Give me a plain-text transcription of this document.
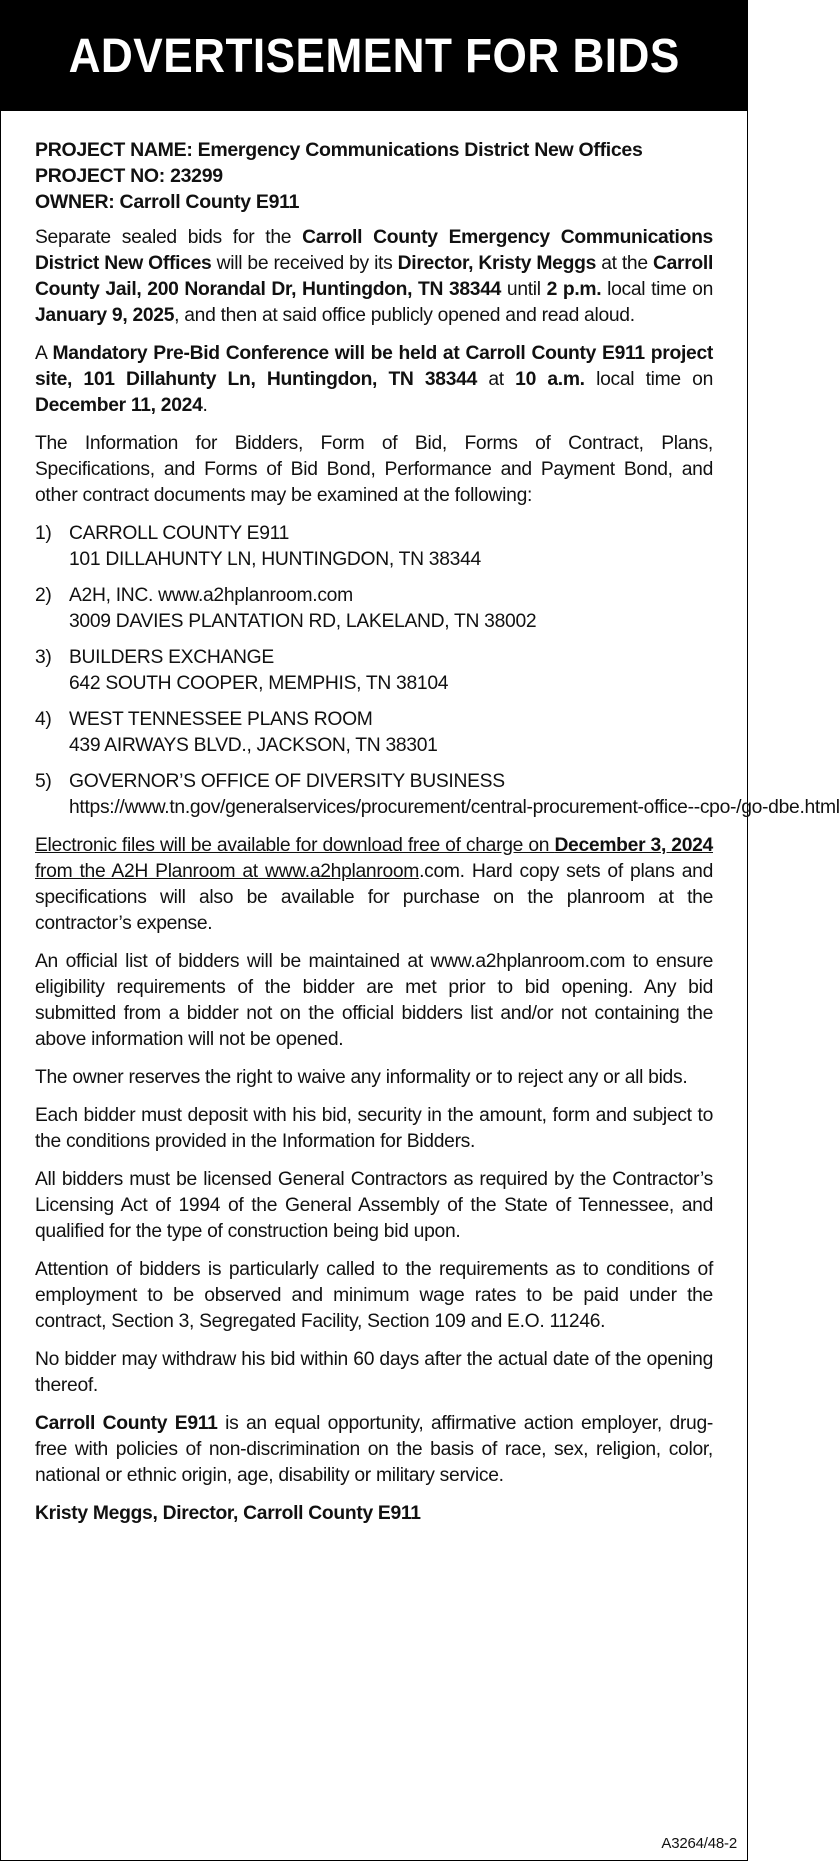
ADVERTISEMENT FOR BIDS
PROJECT NAME: Emergency Communications District New Offices
PROJECT NO: 23299
OWNER: Carroll County E911

Separate sealed bids for the Carroll County Emergency Communications District New Offices will be received by its Director, Kristy Meggs at the Carroll County Jail, 200 Norandal Dr, Huntingdon, TN 38344 until 2 p.m. local time on January 9, 2025, and then at said office publicly opened and read aloud.

A Mandatory Pre-Bid Conference will be held at Carroll County E911 project site, 101 Dillahunty Ln, Huntingdon, TN 38344 at 10 a.m. local time on December 11, 2024.

The Information for Bidders, Form of Bid, Forms of Contract, Plans, Specifications, and Forms of Bid Bond, Performance and Payment Bond, and other contract documents may be examined at the following:

1) CARROLL COUNTY E911
101 DILLAHUNTY LN, HUNTINGDON, TN 38344
2) A2H, INC. www.a2hplanroom.com
3009 DAVIES PLANTATION RD, LAKELAND, TN 38002
3) BUILDERS EXCHANGE
642 SOUTH COOPER, MEMPHIS, TN 38104
4) WEST TENNESSEE PLANS ROOM
439 AIRWAYS BLVD., JACKSON, TN 38301
5) GOVERNOR’S OFFICE OF DIVERSITY BUSINESS
https://www.tn.gov/generalservices/procurement/central-procurement-office--cpo-/go-dbe.html

Electronic files will be available for download free of charge on December 3, 2024 from the A2H Planroom at www.a2hplanroom.com. Hard copy sets of plans and specifications will also be available for purchase on the planroom at the contractor’s expense.

An official list of bidders will be maintained at www.a2hplanroom.com to ensure eligibility requirements of the bidder are met prior to bid opening. Any bid submitted from a bidder not on the official bidders list and/or not containing the above information will not be opened.

The owner reserves the right to waive any informality or to reject any or all bids.

Each bidder must deposit with his bid, security in the amount, form and subject to the conditions provided in the Information for Bidders.

All bidders must be licensed General Contractors as required by the Contractor’s Licensing Act of 1994 of the General Assembly of the State of Tennessee, and qualified for the type of construction being bid upon.

Attention of bidders is particularly called to the requirements as to conditions of employment to be observed and minimum wage rates to be paid under the contract, Section 3, Segregated Facility, Section 109 and E.O. 11246.

No bidder may withdraw his bid within 60 days after the actual date of the opening thereof.

Carroll County E911 is an equal opportunity, affirmative action employer, drug-free with policies of non-discrimination on the basis of race, sex, religion, color, national or ethnic origin, age, disability or military service.

Kristy Meggs, Director, Carroll County E911
A3264/48-2
